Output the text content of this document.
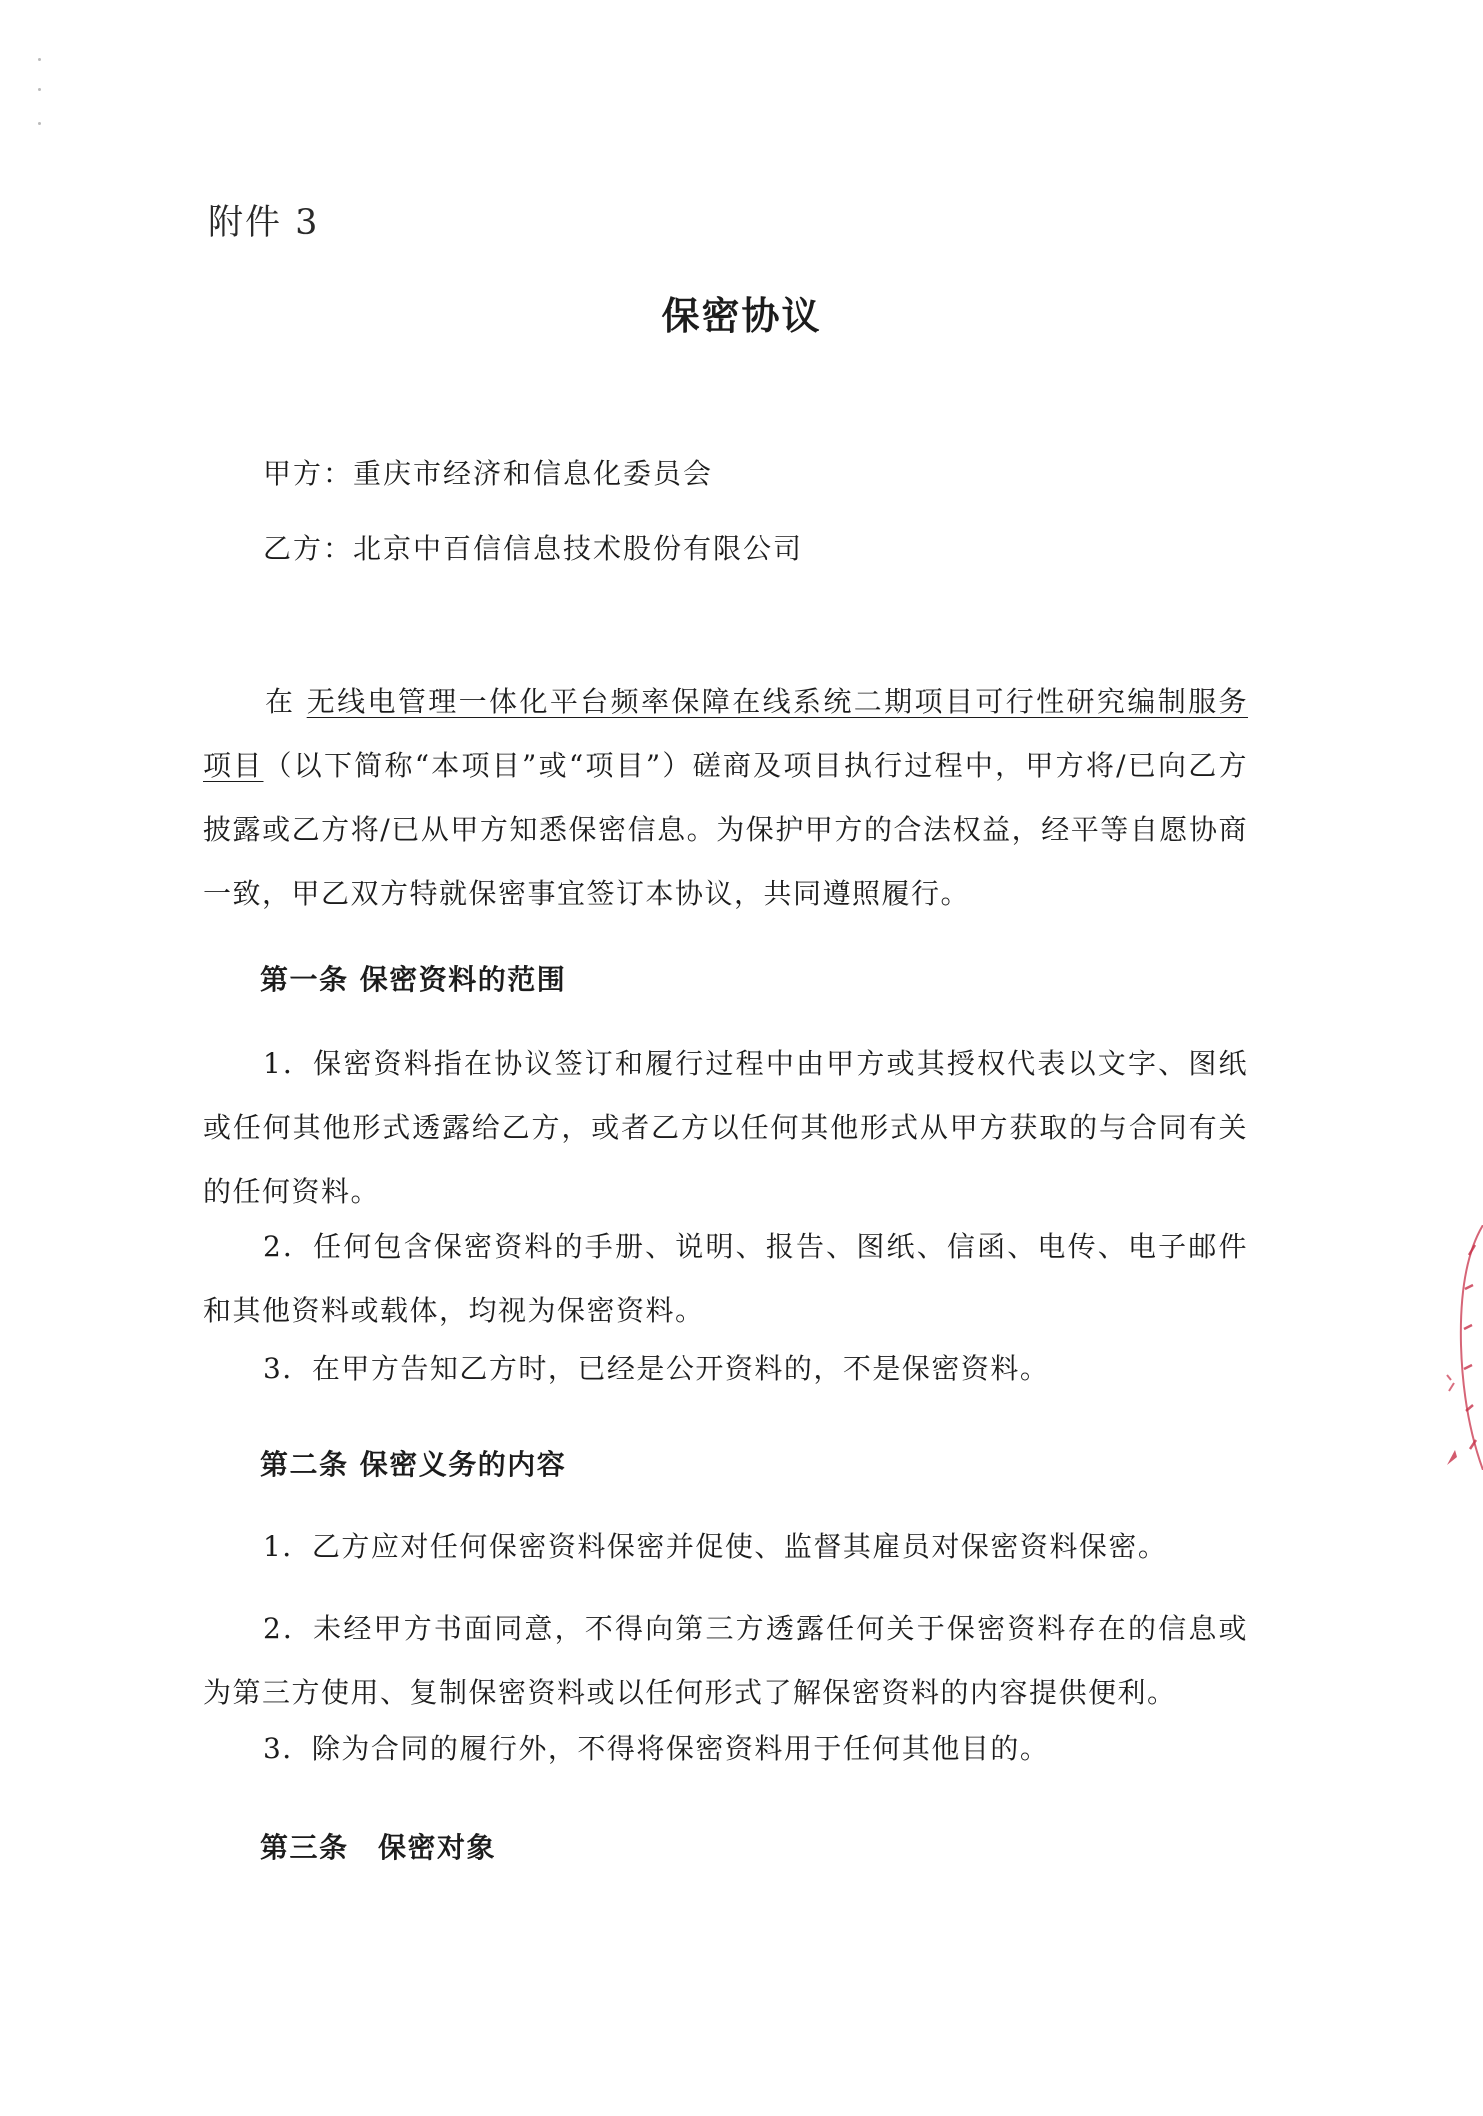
附件 3
保密协议
甲方：重庆市经济和信息化委员会
乙方：北京中百信信息技术股份有限公司
在 无线电管理一体化平台频率保障在线系统二期项目可行性研究编制服务项目（以下简称“本项目”或“项目”）磋商及项目执行过程中，甲方将/已向乙方披露或乙方将/已从甲方知悉保密信息。为保护甲方的合法权益，经平等自愿协商一致，甲乙双方特就保密事宜签订本协议，共同遵照履行。
第一条 保密资料的范围
1．保密资料指在协议签订和履行过程中由甲方或其授权代表以文字、图纸或任何其他形式透露给乙方，或者乙方以任何其他形式从甲方获取的与合同有关的任何资料。
2．任何包含保密资料的手册、说明、报告、图纸、信函、电传、电子邮件和其他资料或载体，均视为保密资料。
3．在甲方告知乙方时，已经是公开资料的，不是保密资料。
第二条 保密义务的内容
1．乙方应对任何保密资料保密并促使、监督其雇员对保密资料保密。
2．未经甲方书面同意，不得向第三方透露任何关于保密资料存在的信息或为第三方使用、复制保密资料或以任何形式了解保密资料的内容提供便利。
3．除为合同的履行外，不得将保密资料用于任何其他目的。
第三条　保密对象
